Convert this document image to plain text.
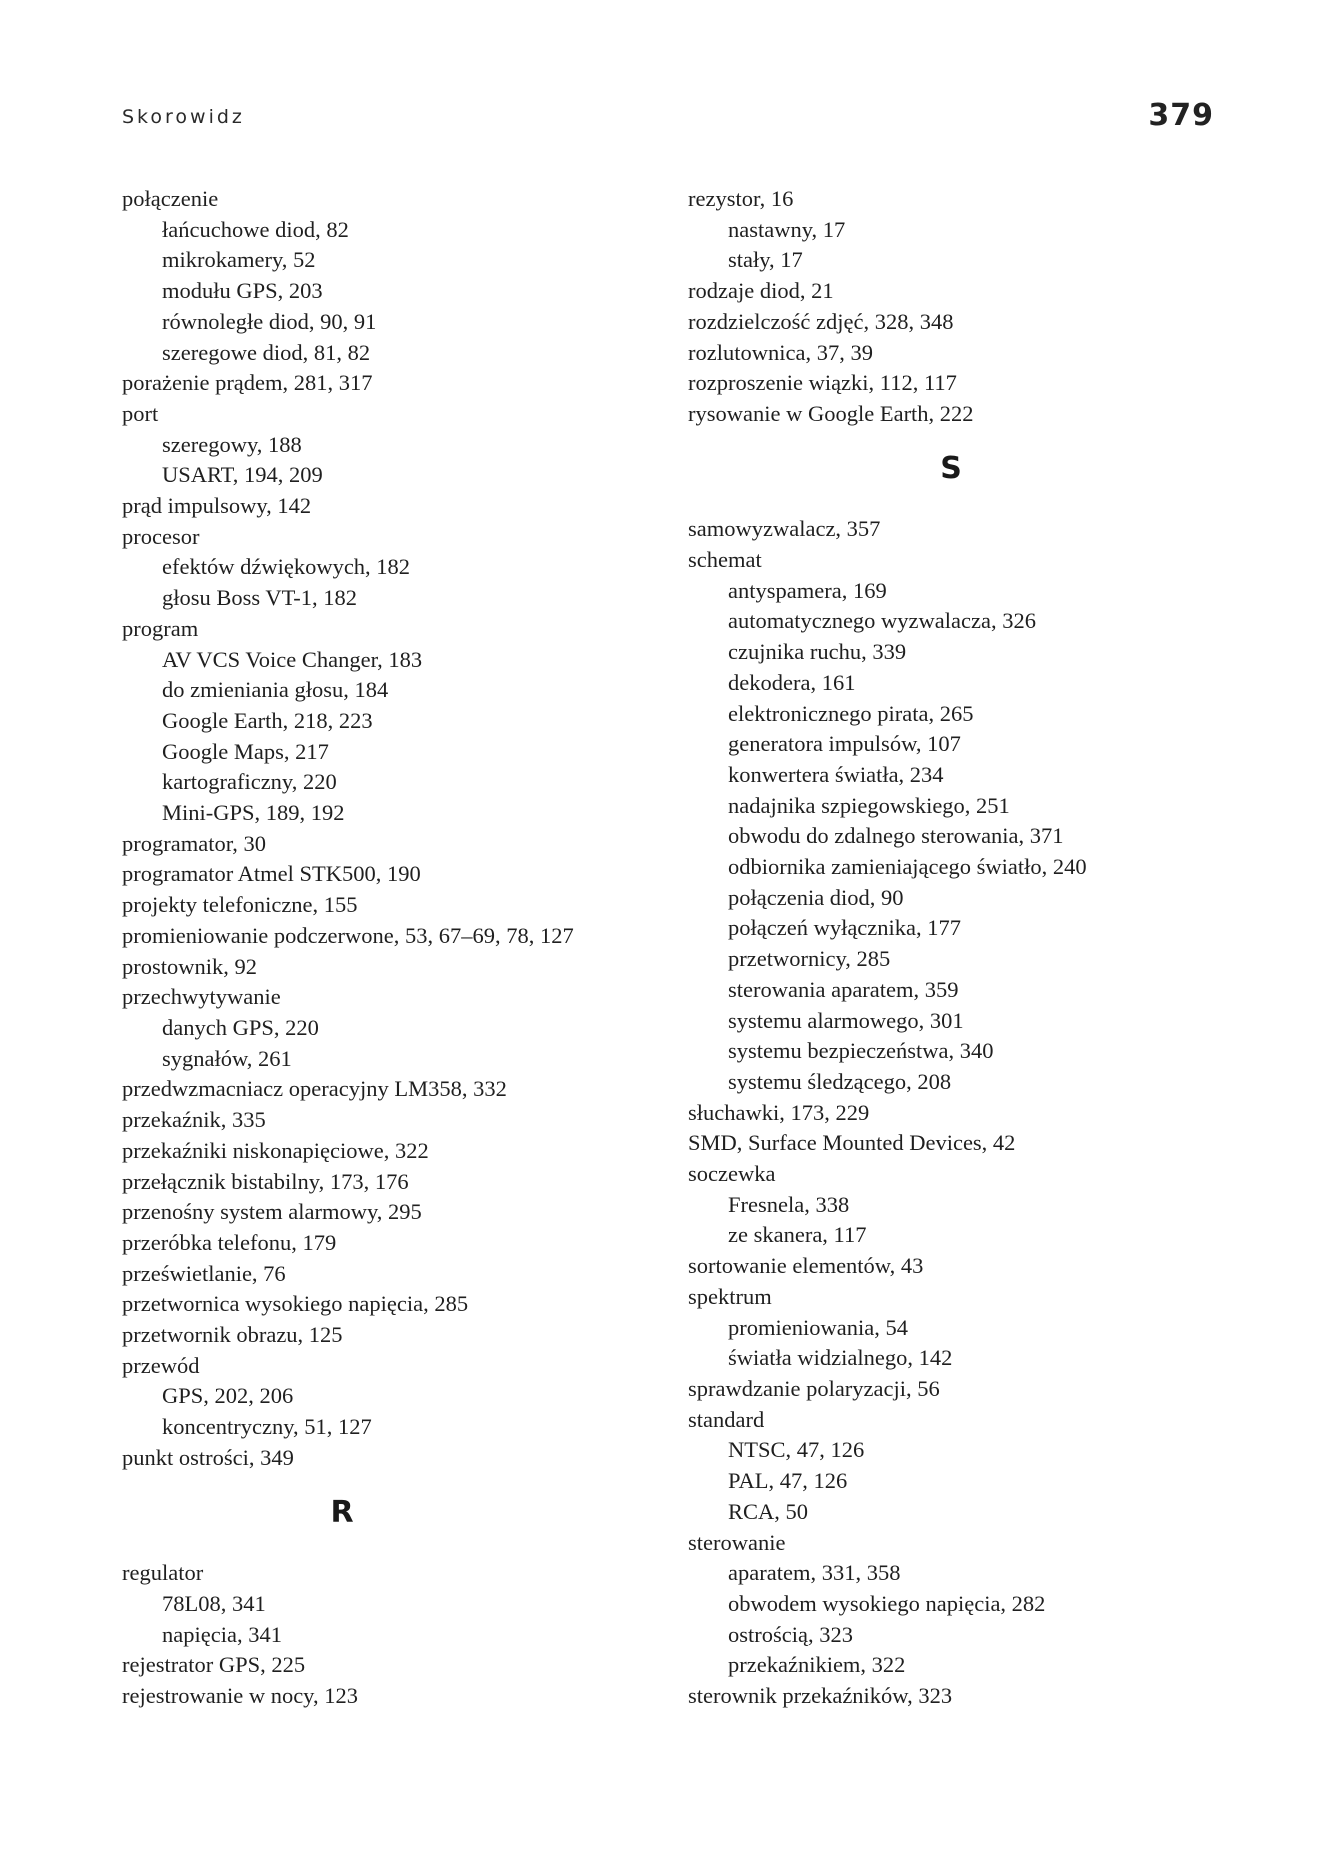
Skorowidz	379
połączenie
łańcuchowe diod, 82
mikrokamery, 52
modułu GPS, 203
równoległe diod, 90, 91
szeregowe diod, 81, 82
porażenie prądem, 281, 317
port
szeregowy, 188
USART, 194, 209
prąd impulsowy, 142
procesor
efektów dźwiękowych, 182
głosu Boss VT-1, 182
program
AV VCS Voice Changer, 183
do zmieniania głosu, 184
Google Earth, 218, 223
Google Maps, 217
kartograficzny, 220
Mini-GPS, 189, 192
programator, 30
programator Atmel STK500, 190
projekty telefoniczne, 155
promieniowanie podczerwone, 53, 67–69, 78, 127
prostownik, 92
przechwytywanie
danych GPS, 220
sygnałów, 261
przedwzmacniacz operacyjny LM358, 332
przekaźnik, 335
przekaźniki niskonapięciowe, 322
przełącznik bistabilny, 173, 176
przenośny system alarmowy, 295
przeróbka telefonu, 179
prześwietlanie, 76
przetwornica wysokiego napięcia, 285
przetwornik obrazu, 125
przewód
GPS, 202, 206
koncentryczny, 51, 127
punkt ostrości, 349
R
regulator
78L08, 341
napięcia, 341
rejestrator GPS, 225
rejestrowanie w nocy, 123
rezystor, 16
nastawny, 17
stały, 17
rodzaje diod, 21
rozdzielczość zdjęć, 328, 348
rozlutownica, 37, 39
rozproszenie wiązki, 112, 117
rysowanie w Google Earth, 222
S
samowyzwalacz, 357
schemat
antyspamera, 169
automatycznego wyzwalacza, 326
czujnika ruchu, 339
dekodera, 161
elektronicznego pirata, 265
generatora impulsów, 107
konwertera światła, 234
nadajnika szpiegowskiego, 251
obwodu do zdalnego sterowania, 371
odbiornika zamieniającego światło, 240
połączenia diod, 90
połączeń wyłącznika, 177
przetwornicy, 285
sterowania aparatem, 359
systemu alarmowego, 301
systemu bezpieczeństwa, 340
systemu śledzącego, 208
słuchawki, 173, 229
SMD, Surface Mounted Devices, 42
soczewka
Fresnela, 338
ze skanera, 117
sortowanie elementów, 43
spektrum
promieniowania, 54
światła widzialnego, 142
sprawdzanie polaryzacji, 56
standard
NTSC, 47, 126
PAL, 47, 126
RCA, 50
sterowanie
aparatem, 331, 358
obwodem wysokiego napięcia, 282
ostrością, 323
przekaźnikiem, 322
sterownik przekaźników, 323
